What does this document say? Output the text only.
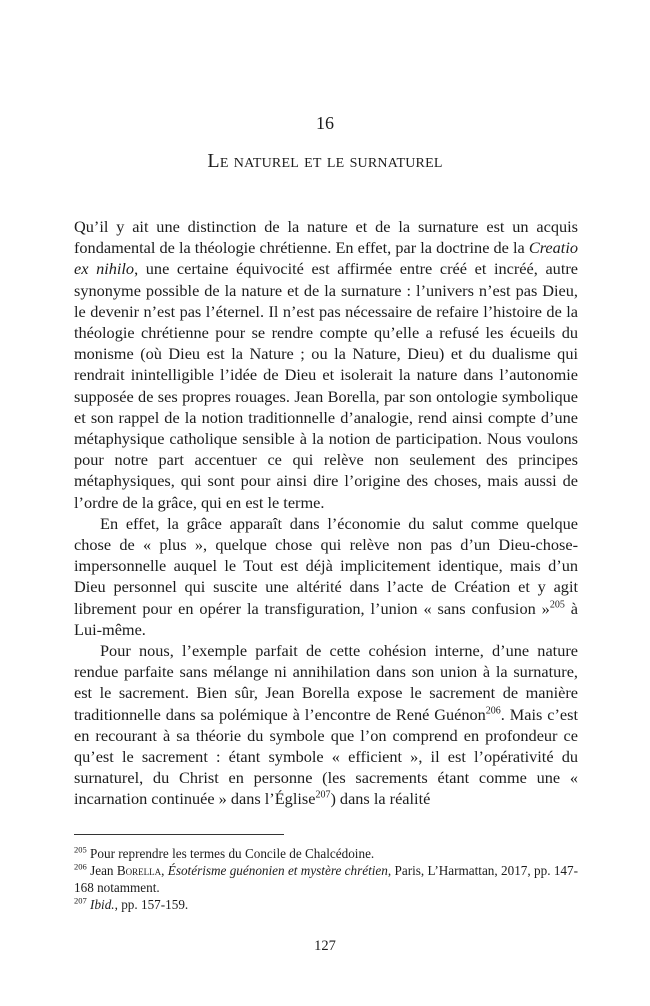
16
Le naturel et le surnaturel

Qu’il y ait une distinction de la nature et de la surnature est un acquis fondamental de la théologie chrétienne. En effet, par la doctrine de la Creatio ex nihilo, une certaine équivocité est affirmée entre créé et incréé, autre synonyme possible de la nature et de la surnature : l’univers n’est pas Dieu, le devenir n’est pas l’éternel. Il n’est pas nécessaire de refaire l’histoire de la théologie chrétienne pour se rendre compte qu’elle a refusé les écueils du monisme (où Dieu est la Nature ; ou la Nature, Dieu) et du dualisme qui rendrait inintelligible l’idée de Dieu et isolerait la nature dans l’autonomie supposée de ses propres rouages. Jean Borella, par son ontologie symbolique et son rappel de la notion traditionnelle d’analogie, rend ainsi compte d’une métaphysique catholique sensible à la notion de participation. Nous voulons pour notre part accentuer ce qui relève non seulement des principes métaphysiques, qui sont pour ainsi dire l’origine des choses, mais aussi de l’ordre de la grâce, qui en est le terme.

En effet, la grâce apparaît dans l’économie du salut comme quelque chose de « plus », quelque chose qui relève non pas d’un Dieu-chose-impersonnelle auquel le Tout est déjà implicitement identique, mais d’un Dieu personnel qui suscite une altérité dans l’acte de Création et y agit librement pour en opérer la transfiguration, l’union « sans confusion »$^{205}$ à Lui-même.

Pour nous, l’exemple parfait de cette cohésion interne, d’une nature rendue parfaite sans mélange ni annihilation dans son union à la surnature, est le sacrement. Bien sûr, Jean Borella expose le sacrement de manière traditionnelle dans sa polémique à l’encontre de René Guénon$^{206}$. Mais c’est en recourant à sa théorie du symbole que l’on comprend en profondeur ce qu’est le sacrement : étant symbole « efficient », il est l’opérativité du surnaturel, du Christ en personne (les sacrements étant comme une « incarnation continuée » dans l’Église$^{207}$) dans la réalité

$^{205}$ Pour reprendre les termes du Concile de Chalcédoine.

$^{206}$ Jean Borella, Ésotérisme guénonien et mystère chrétien, Paris, L’Harmattan, 2017, pp. 147-168 notamment.

$^{207}$ Ibid., pp. 157-159.

127
